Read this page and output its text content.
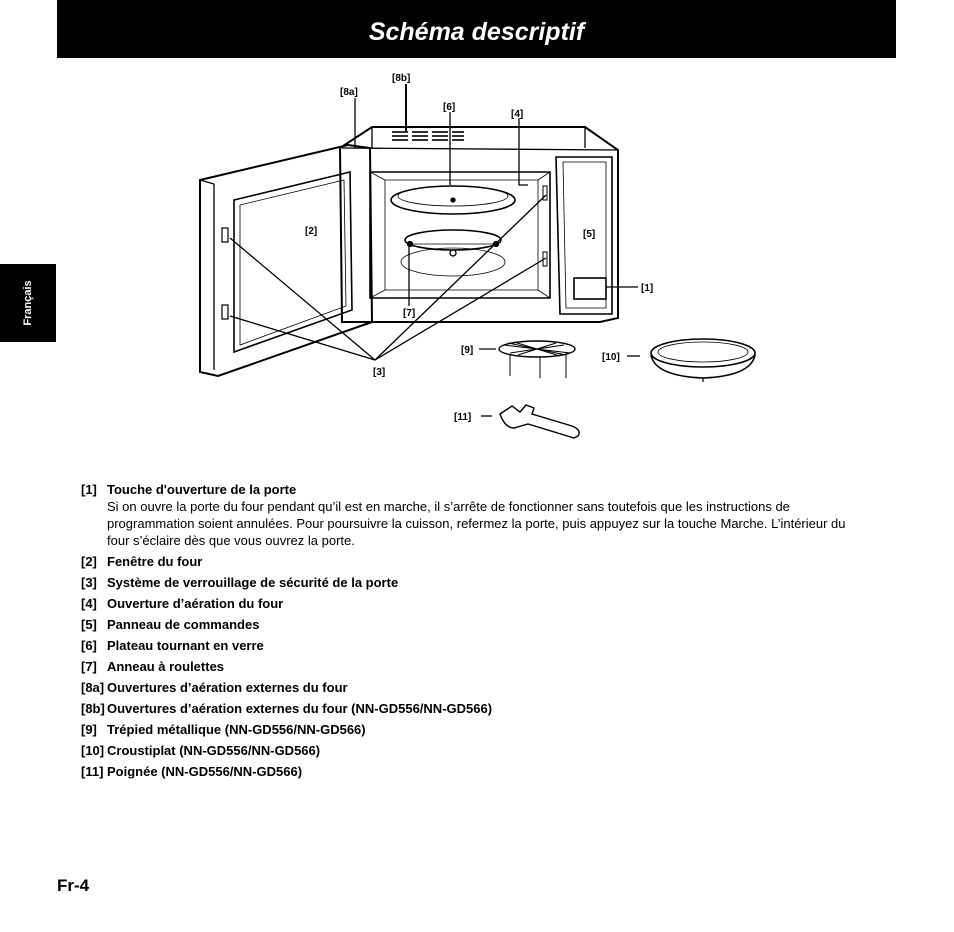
Schéma descriptif
Français
[8a]
[8b]
[6]
[4]
[2]	[5]
[1]
[7]
[9]
[10]
[3]
[11]
[1] Touche d'ouverture de la porte
Si on ouvre la porte du four pendant qu’il est en marche, il s’arrête de fonctionner sans toutefois que les instructions de programmation soient annulées. Pour poursuivre la cuisson, refermez la porte, puis appuyez sur la touche Marche. L’intérieur du four s’éclaire dès que vous ouvrez la porte.
[2] Fenêtre du four
[3] Système de verrouillage de sécurité de la porte
[4] Ouverture d’aération du four
[5] Panneau de commandes
[6] Plateau tournant en verre
[7] Anneau à roulettes
[8a] Ouvertures d’aération externes du four
[8b] Ouvertures d’aération externes du four (NN-GD556/NN-GD566)
[9] Trépied métallique (NN-GD556/NN-GD566)
[10] Croustiplat (NN-GD556/NN-GD566)
[11] Poignée (NN-GD556/NN-GD566)
Fr-4
